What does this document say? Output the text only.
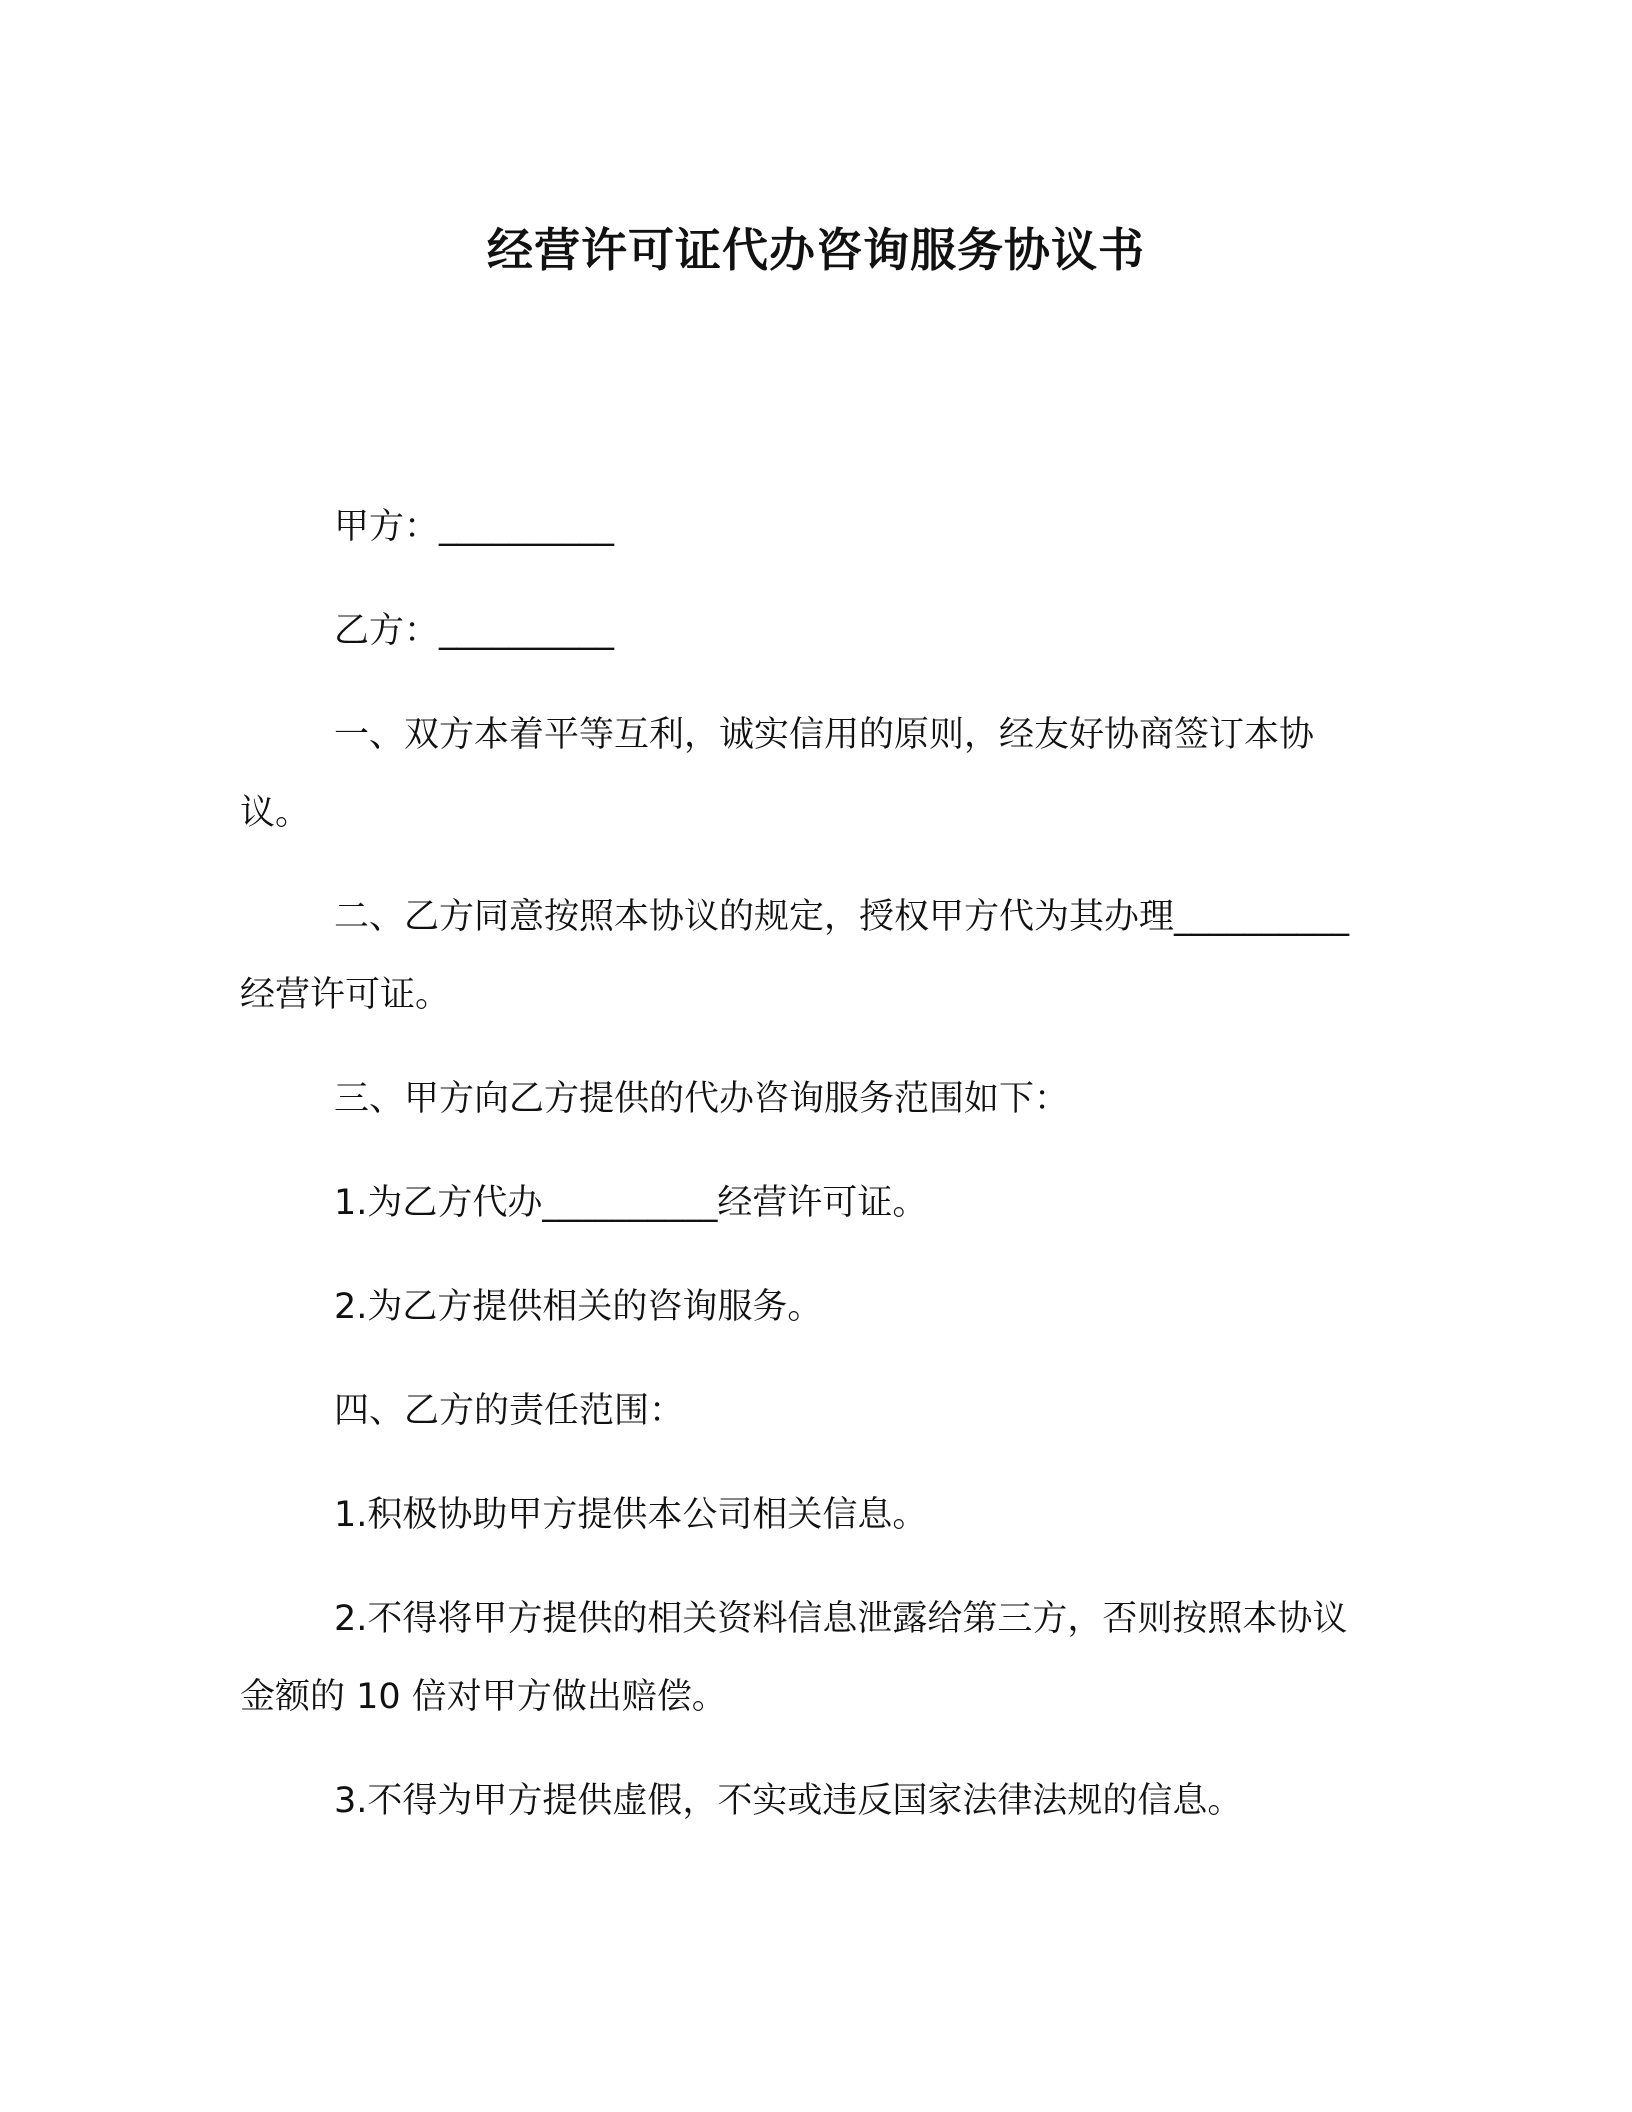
经营许可证代办咨询服务协议书

甲方：__________

乙方：__________

一、双方本着平等互利，诚实信用的原则，经友好协商签订本协议。

二、乙方同意按照本协议的规定，授权甲方代为其办理__________经营许可证。

三、甲方向乙方提供的代办咨询服务范围如下：

1.为乙方代办__________经营许可证。

2.为乙方提供相关的咨询服务。

四、乙方的责任范围：

1.积极协助甲方提供本公司相关信息。

2.不得将甲方提供的相关资料信息泄露给第三方，否则按照本协议金额的 10 倍对甲方做出赔偿。

3.不得为甲方提供虚假，不实或违反国家法律法规的信息。
